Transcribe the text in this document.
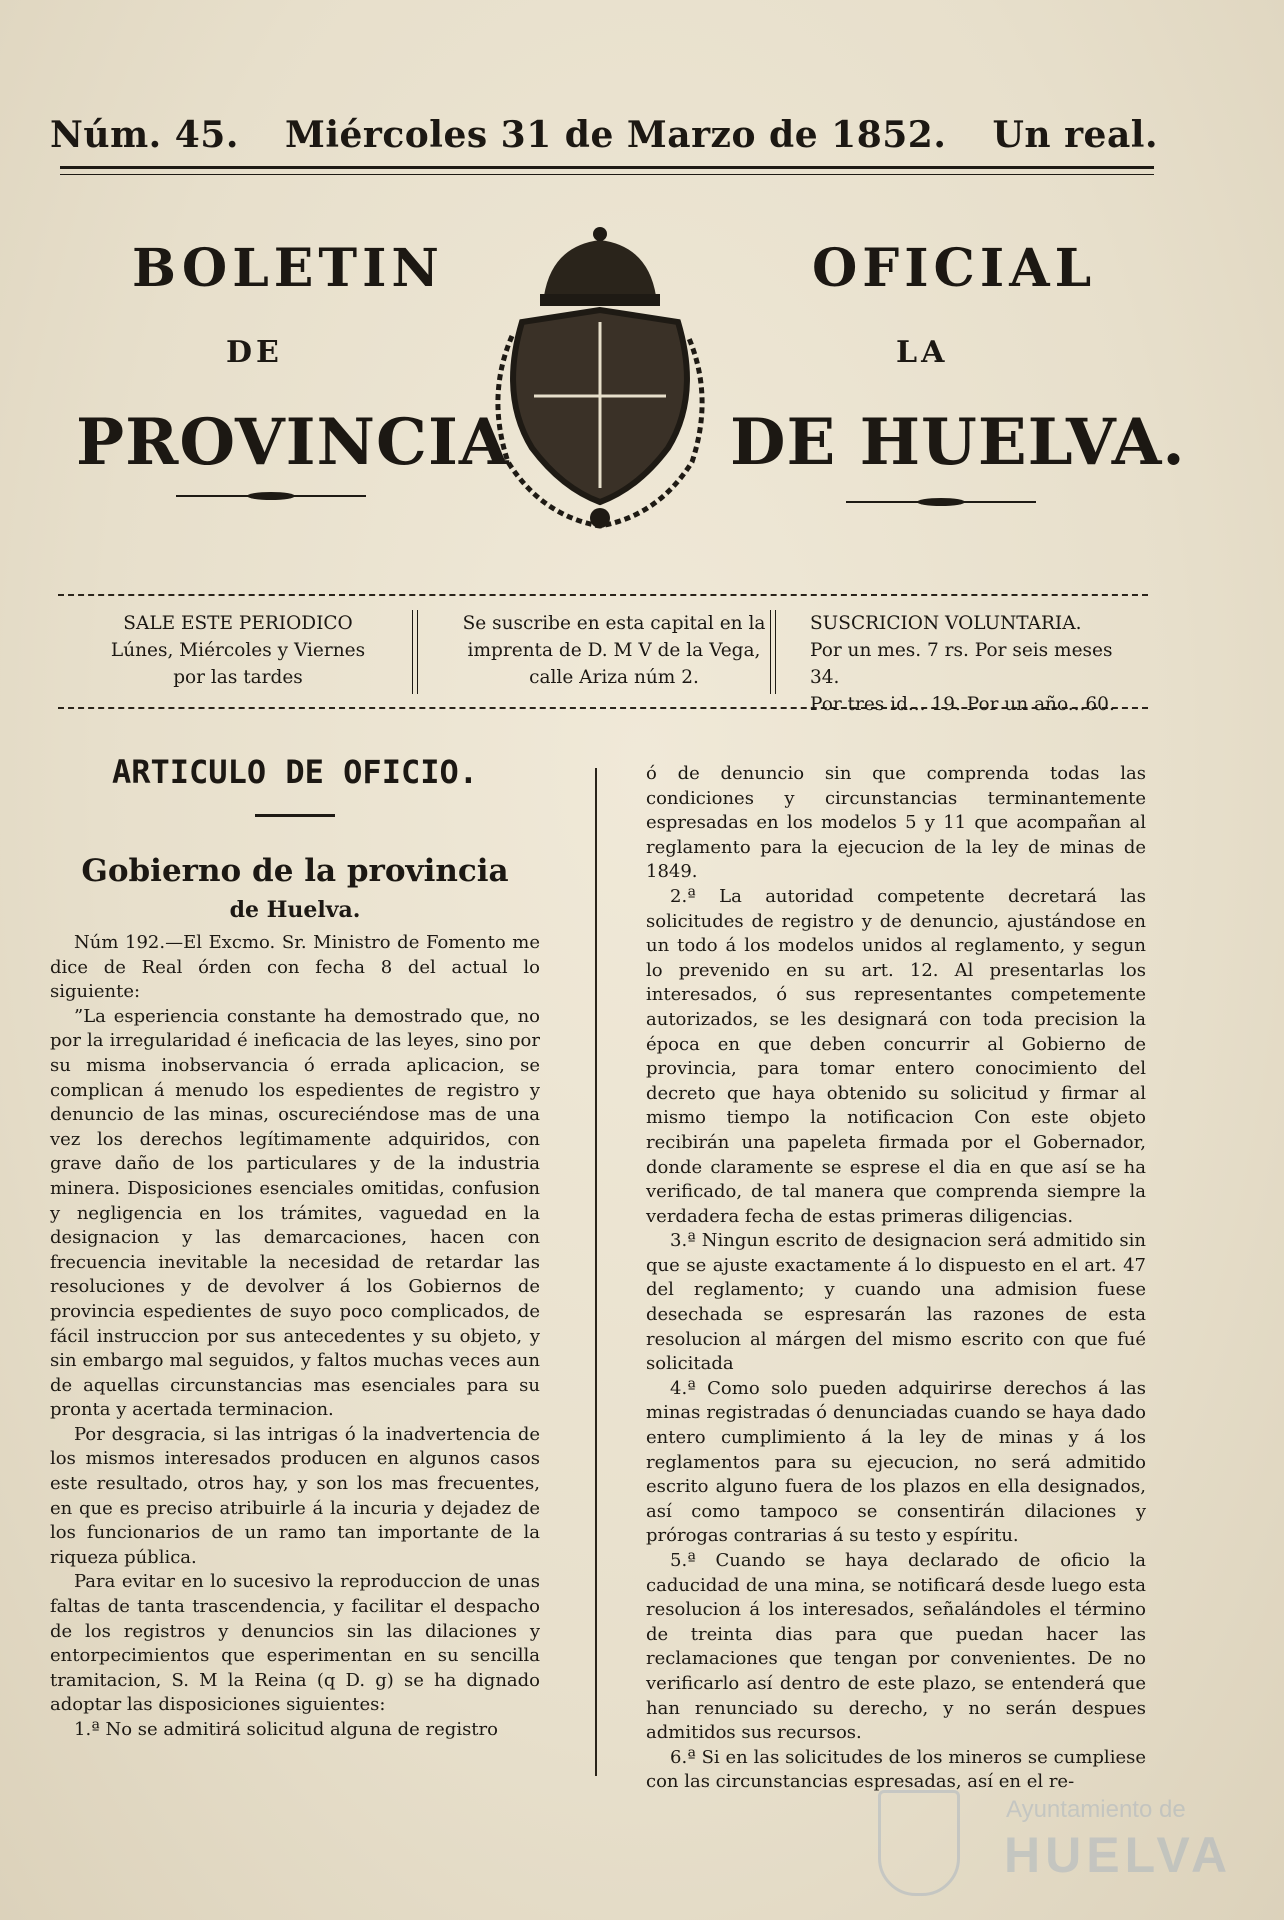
Núm. 45. Miércoles 31 de Marzo de 1852. Un real.
BOLETIN	OFICIAL
DE	LA
PROVINCIA	DE HUELVA.
SALE ESTE PERIODICO
Lúnes, Miércoles y Viernes
por las tardes
Se suscribe en esta capital en la
imprenta de D. M V de la Vega,
calle Ariza núm 2.
SUSCRICION VOLUNTARIA.
Por un mes. 7 rs. Por seis meses 34.
Por tres id... 19. Por un año...60.
ARTICULO DE OFICIO.
Gobierno de la provincia
de Huelva.

Núm 192.—El Excmo. Sr. Ministro de Fomento me dice de Real órden con fecha 8 del actual lo siguiente:

”La esperiencia constante ha demostrado que, no por la irregularidad é ineficacia de las leyes, sino por su misma inobservancia ó errada aplicacion, se complican á menudo los espedientes de registro y denuncio de las minas, oscureciéndose mas de una vez los derechos legítimamente adquiridos, con grave daño de los particulares y de la industria minera. Disposiciones esenciales omitidas, confusion y negligencia en los trámites, vaguedad en la designacion y las demarcaciones, hacen con frecuencia inevitable la necesidad de retardar las resoluciones y de devolver á los Gobiernos de provincia espedientes de suyo poco complicados, de fácil instruccion por sus antecedentes y su objeto, y sin embargo mal seguidos, y faltos muchas veces aun de aquellas circunstancias mas esenciales para su pronta y acertada terminacion.

Por desgracia, si las intrigas ó la inadvertencia de los mismos interesados producen en algunos casos este resultado, otros hay, y son los mas frecuentes, en que es preciso atribuirle á la incuria y dejadez de los funcionarios de un ramo tan importante de la riqueza pública.

Para evitar en lo sucesivo la reproduccion de unas faltas de tanta trascendencia, y facilitar el despacho de los registros y denuncios sin las dilaciones y entorpecimientos que esperimentan en su sencilla tramitacion, S. M la Reina (q D. g) se ha dignado adoptar las disposiciones siguientes:

1.ª No se admitirá solicitud alguna de registro

ó de denuncio sin que comprenda todas las condiciones y circunstancias terminantemente espresadas en los modelos 5 y 11 que acompañan al reglamento para la ejecucion de la ley de minas de 1849.

2.ª La autoridad competente decretará las solicitudes de registro y de denuncio, ajustándose en un todo á los modelos unidos al reglamento, y segun lo prevenido en su art. 12. Al presentarlas los interesados, ó sus representantes competemente autorizados, se les designará con toda precision la época en que deben concurrir al Gobierno de provincia, para tomar entero conocimiento del decreto que haya obtenido su solicitud y firmar al mismo tiempo la notificacion Con este objeto recibirán una papeleta firmada por el Gobernador, donde claramente se esprese el dia en que así se ha verificado, de tal manera que comprenda siempre la verdadera fecha de estas primeras diligencias.

3.ª Ningun escrito de designacion será admitido sin que se ajuste exactamente á lo dispuesto en el art. 47 del reglamento; y cuando una admision fuese desechada se espresarán las razones de esta resolucion al márgen del mismo escrito con que fué solicitada

4.ª Como solo pueden adquirirse derechos á las minas registradas ó denunciadas cuando se haya dado entero cumplimiento á la ley de minas y á los reglamentos para su ejecucion, no será admitido escrito alguno fuera de los plazos en ella designados, así como tampoco se consentirán dilaciones y prórogas contrarias á su testo y espíritu.

5.ª Cuando se haya declarado de oficio la caducidad de una mina, se notificará desde luego esta resolucion á los interesados, señalándoles el término de treinta dias para que puedan hacer las reclamaciones que tengan por convenientes. De no verificarlo así dentro de este plazo, se entenderá que han renunciado su derecho, y no serán despues admitidos sus recursos.

6.ª Si en las solicitudes de los mineros se cumpliese con las circunstancias espresadas, así en el re-

Ayuntamiento de
HUELVA
